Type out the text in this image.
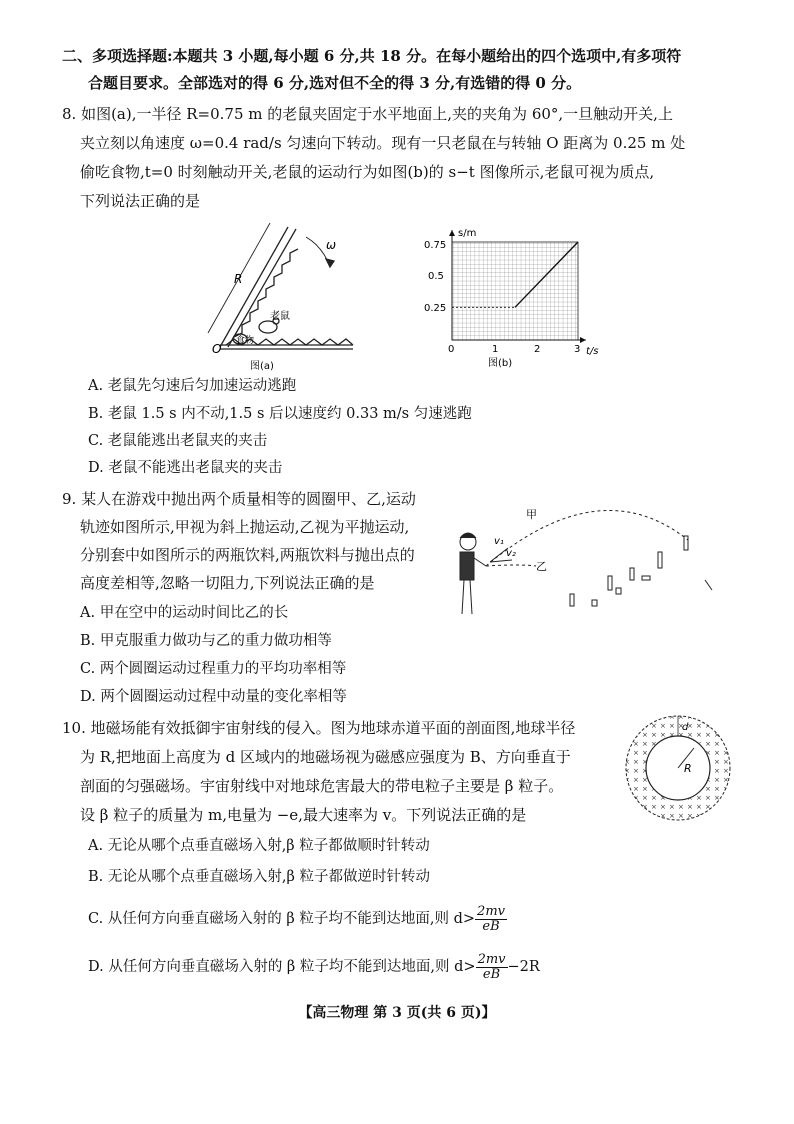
二、多项选择题:本题共 3 小题,每小题 6 分,共 18 分。在每小题给出的四个选项中,有多项符
合题目要求。全部选对的得 6 分,选对但不全的得 3 分,有选错的得 0 分。
8. 如图(a),一半径 R=0.75 m 的老鼠夹固定于水平地面上,夹的夹角为 60°,一旦触动开关,上
夹立刻以角速度 ω=0.4 rad/s 匀速向下转动。现有一只老鼠在与转轴 O 距离为 0.25 m 处
偷吃食物,t=0 时刻触动开关,老鼠的运动行为如图(b)的 s−t 图像所示,老鼠可视为质点,
下列说法正确的是
R
ω
老鼠
食物
O
图(a)
s/m
0.75
0.5
0.25
0	1	2	3 t/s
图(b)
A. 老鼠先匀速后匀加速运动逃跑
B. 老鼠 1.5 s 内不动,1.5 s 后以速度约 0.33 m/s 匀速逃跑
C. 老鼠能逃出老鼠夹的夹击
D. 老鼠不能逃出老鼠夹的夹击
9. 某人在游戏中抛出两个质量相等的圆圈甲、乙,运动
轨迹如图所示,甲视为斜上抛运动,乙视为平抛运动,
分别套中如图所示的两瓶饮料,两瓶饮料与抛出点的
高度差相等,忽略一切阻力,下列说法正确的是
甲
乙
v₁
v₂
A. 甲在空中的运动时间比乙的长
B. 甲克服重力做功与乙的重力做功相等
C. 两个圆圈运动过程重力的平均功率相等
D. 两个圆圈运动过程中动量的变化率相等
10. 地磁场能有效抵御宇宙射线的侵入。图为地球赤道平面的剖面图,地球半径
为 R,把地面上高度为 d 区域内的地磁场视为磁感应强度为 B、方向垂直于
剖面的匀强磁场。宇宙射线中对地球危害最大的带电粒子主要是 β 粒子。
设 β 粒子的质量为 m,电量为 −e,最大速率为 v。下列说法正确的是
R
d
A. 无论从哪个点垂直磁场入射,β 粒子都做顺时针转动
B. 无论从哪个点垂直磁场入射,β 粒子都做逆时针转动
C. 从任何方向垂直磁场入射的 β 粒子均不能到达地面,则 $d> \frac{2mv}{eB}$
D. 从任何方向垂直磁场入射的 β 粒子均不能到达地面,则 $d> \frac{2mv}{eB} -2R$
【高三物理 第 3 页(共 6 页)】
